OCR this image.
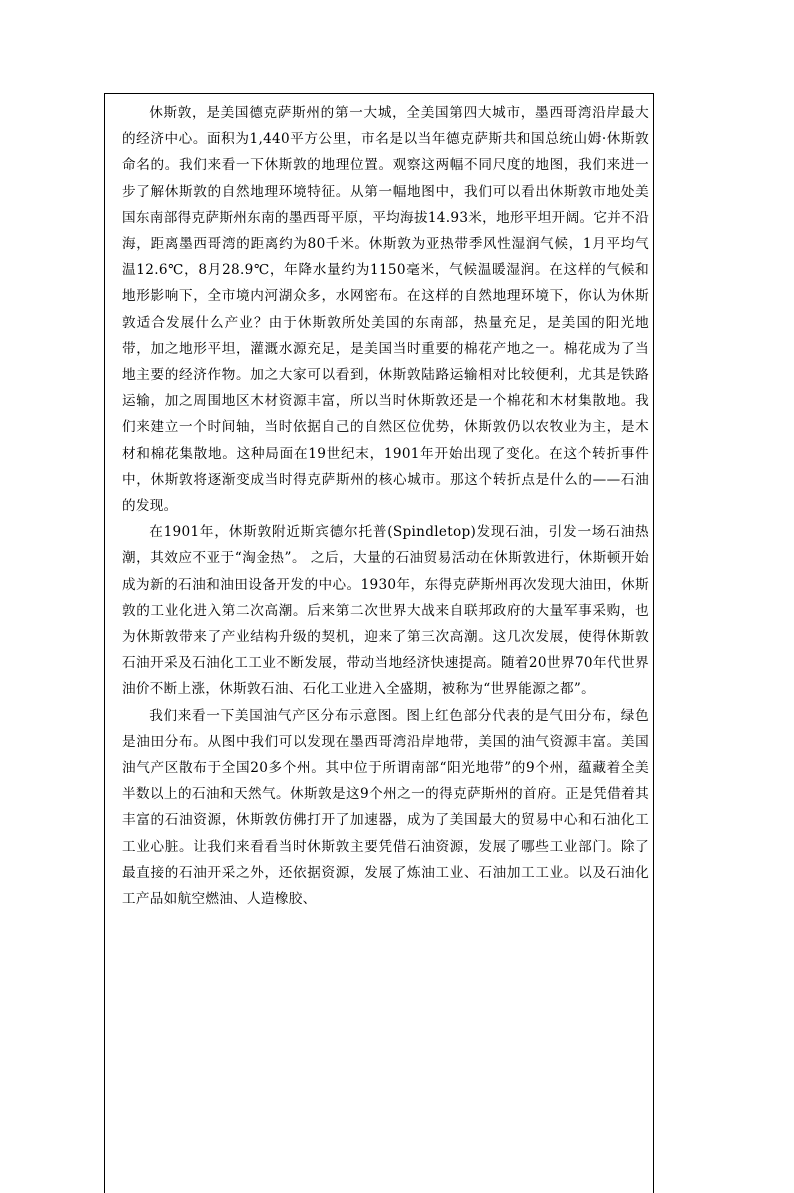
休斯敦，是美国德克萨斯州的第一大城，全美国第四大城市，墨西哥湾沿岸最大的经济中心。面积为1,440平方公里，市名是以当年德克萨斯共和国总统山姆·休斯敦命名的。我们来看一下休斯敦的地理位置。观察这两幅不同尺度的地图，我们来进一步了解休斯敦的自然地理环境特征。从第一幅地图中，我们可以看出休斯敦市地处美国东南部得克萨斯州东南的墨西哥平原，平均海拔14.93米，地形平坦开阔。它并不沿海，距离墨西哥湾的距离约为80千米。休斯敦为亚热带季风性湿润气候，1月平均气温12.6℃，8月28.9℃，年降水量约为1150毫米，气候温暖湿润。在这样的气候和地形影响下，全市境内河湖众多，水网密布。在这样的自然地理环境下，你认为休斯敦适合发展什么产业？由于休斯敦所处美国的东南部，热量充足，是美国的阳光地带，加之地形平坦，灌溉水源充足，是美国当时重要的棉花产地之一。棉花成为了当地主要的经济作物。加之大家可以看到，休斯敦陆路运输相对比较便利，尤其是铁路运输，加之周围地区木材资源丰富，所以当时休斯敦还是一个棉花和木材集散地。我们来建立一个时间轴，当时依据自己的自然区位优势，休斯敦仍以农牧业为主，是木材和棉花集散地。这种局面在19世纪末，1901年开始出现了变化。在这个转折事件中，休斯敦将逐渐变成当时得克萨斯州的核心城市。那这个转折点是什么的——石油的发现。

在1901年，休斯敦附近斯宾德尔托普(Spindletop)发现石油，引发一场石油热潮，其效应不亚于“淘金热”。 之后，大量的石油贸易活动在休斯敦进行，休斯顿开始成为新的石油和油田设备开发的中心。1930年，东得克萨斯州再次发现大油田，休斯敦的工业化进入第二次高潮。后来第二次世界大战来自联邦政府的大量军事采购，也为休斯敦带来了产业结构升级的契机，迎来了第三次高潮。这几次发展，使得休斯敦石油开采及石油化工工业不断发展，带动当地经济快速提高。随着20世界70年代世界油价不断上涨，休斯敦石油、石化工业进入全盛期，被称为“世界能源之都”。

我们来看一下美国油气产区分布示意图。图上红色部分代表的是气田分布，绿色是油田分布。从图中我们可以发现在墨西哥湾沿岸地带，美国的油气资源丰富。美国油气产区散布于全国20多个州。其中位于所谓南部“阳光地带”的9个州，蕴藏着全美半数以上的石油和天然气。休斯敦是这9个州之一的得克萨斯州的首府。正是凭借着其丰富的石油资源，休斯敦仿佛打开了加速器，成为了美国最大的贸易中心和石油化工工业心脏。让我们来看看当时休斯敦主要凭借石油资源，发展了哪些工业部门。除了最直接的石油开采之外，还依据资源，发展了炼油工业、石油加工工业。以及石油化工产品如航空燃油、人造橡胶、
